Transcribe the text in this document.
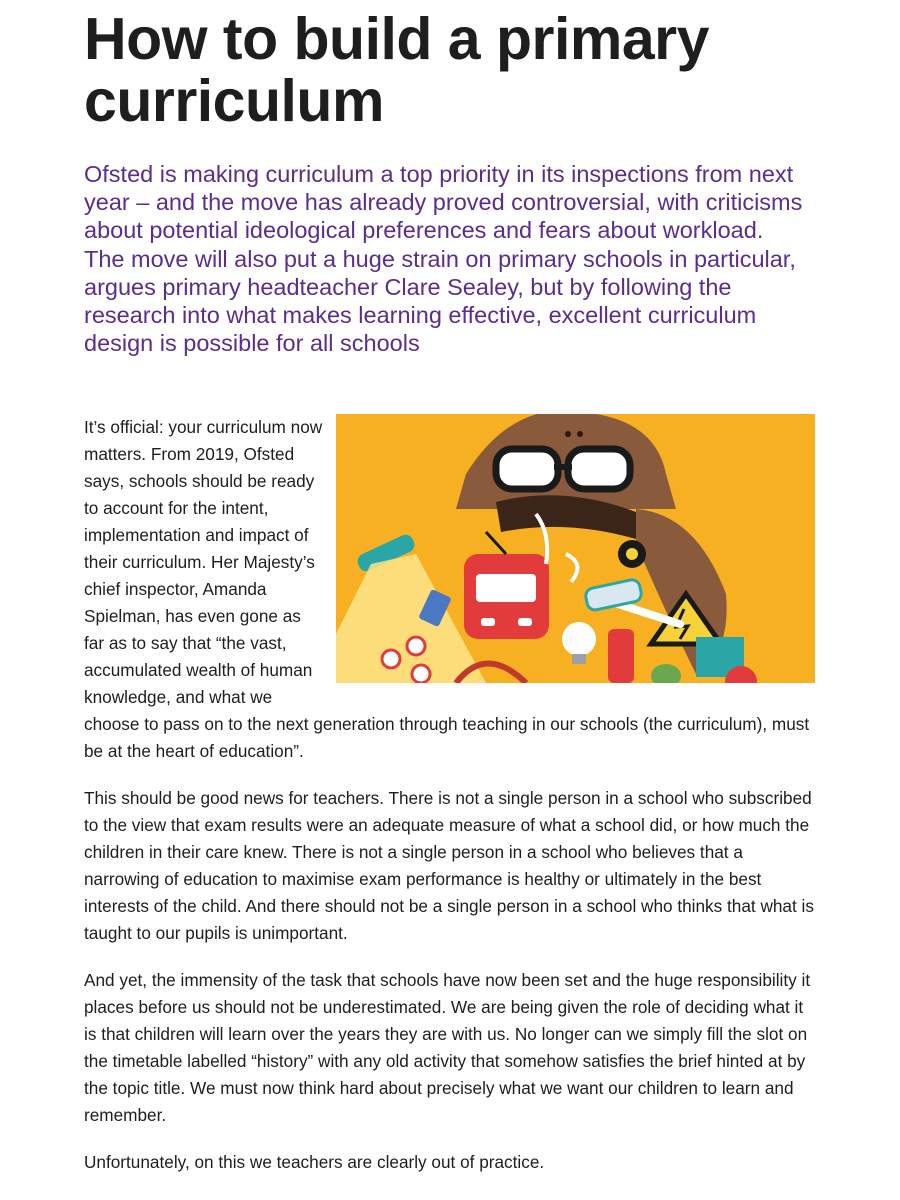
How to build a primary curriculum

Ofsted is making curriculum a top priority in its inspections from next year – and the move has already proved controversial, with criticisms about potential ideological preferences and fears about workload. The move will also put a huge strain on primary schools in particular, argues primary headteacher Clare Sealey, but by following the research into what makes learning effective, excellent curriculum design is possible for all schools

It’s official: your curriculum now matters. From 2019, Ofsted says, schools should be ready to account for the intent, implementation and impact of their curriculum. Her Majesty’s chief inspector, Amanda Spielman, has even gone as far as to say that “the vast, accumulated wealth of human knowledge, and what we choose to pass on to the next generation through teaching in our schools (the curriculum), must be at the heart of education”.

This should be good news for teachers. There is not a single person in a school who subscribed to the view that exam results were an adequate measure of what a school did, or how much the children in their care knew. There is not a single person in a school who believes that a narrowing of education to maximise exam performance is healthy or ultimately in the best interests of the child. And there should not be a single person in a school who thinks that what is taught to our pupils is unimportant.

And yet, the immensity of the task that schools have now been set and the huge responsibility it places before us should not be underestimated. We are being given the role of deciding what it is that children will learn over the years they are with us. No longer can we simply fill the slot on the timetable labelled “history” with any old activity that somehow satisfies the brief hinted at by the topic title. We must now think hard about precisely what we want our children to learn and remember.

Unfortunately, on this we teachers are clearly out of practice.
